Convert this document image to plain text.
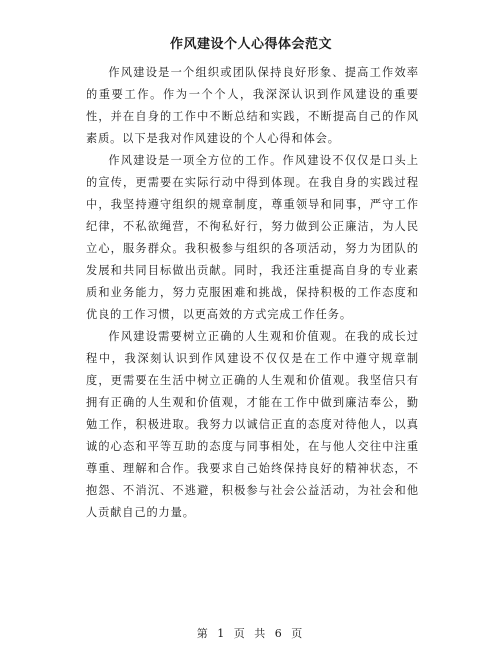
作风建设个人心得体会范文

作风建设是一个组织或团队保持良好形象、提高工作效率的重要工作。作为一个个人，我深深认识到作风建设的重要性，并在自身的工作中不断总结和实践，不断提高自己的作风素质。以下是我对作风建设的个人心得和体会。

作风建设是一项全方位的工作。作风建设不仅仅是口头上的宣传，更需要在实际行动中得到体现。在我自身的实践过程中，我坚持遵守组织的规章制度，尊重领导和同事，严守工作纪律，不私欲绳营，不徇私好行，努力做到公正廉洁，为人民立心，服务群众。我积极参与组织的各项活动，努力为团队的发展和共同目标做出贡献。同时，我还注重提高自身的专业素质和业务能力，努力克服困难和挑战，保持积极的工作态度和优良的工作习惯，以更高效的方式完成工作任务。

作风建设需要树立正确的人生观和价值观。在我的成长过程中，我深刻认识到作风建设不仅仅是在工作中遵守规章制度，更需要在生活中树立正确的人生观和价值观。我坚信只有拥有正确的人生观和价值观，才能在工作中做到廉洁奉公，勤勉工作，积极进取。我努力以诚信正直的态度对待他人，以真诚的心态和平等互助的态度与同事相处，在与他人交往中注重尊重、理解和合作。我要求自己始终保持良好的精神状态，不抱怨、不消沉、不逃避，积极参与社会公益活动，为社会和他人贡献自己的力量。

第 1 页 共 6 页
